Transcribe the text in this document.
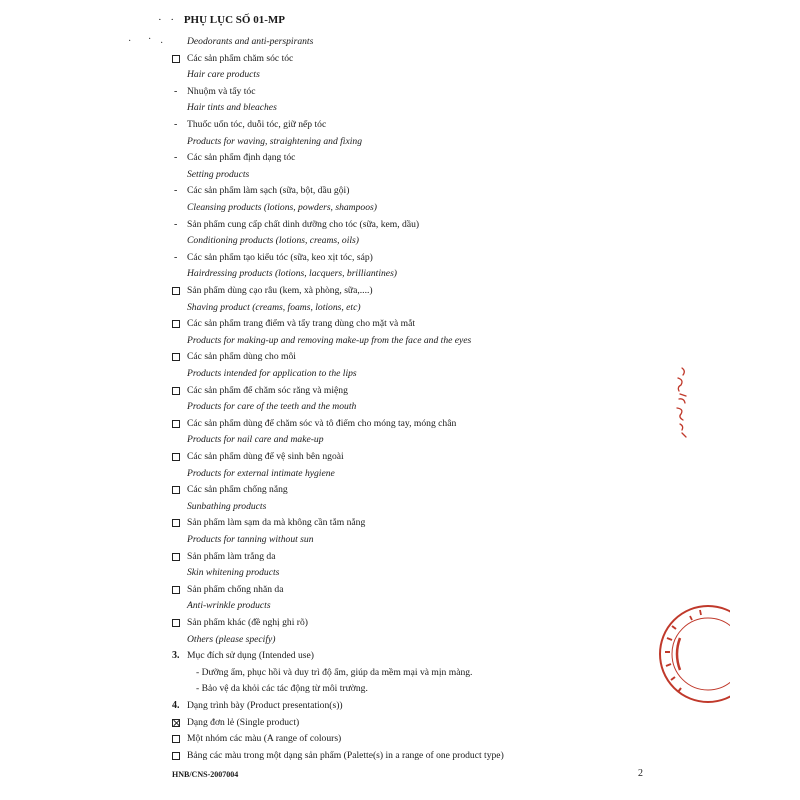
· · PHỤ LỤC SỐ 01-MP
· · · Deodorants and anti-perspirants
Các sản phẩm chăm sóc tóc
Hair care products
- Nhuộm và tẩy tóc
Hair tints and bleaches
- Thuốc uốn tóc, duỗi tóc, giữ nếp tóc
Products for waving, straightening and fixing
- Các sản phẩm định dạng tóc
Setting products
- Các sản phẩm làm sạch (sữa, bột, dầu gội)
Cleansing products (lotions, powders, shampoos)
- Sản phẩm cung cấp chất dinh dưỡng cho tóc (sữa, kem, dầu)
Conditioning products (lotions, creams, oils)
- Các sản phẩm tạo kiểu tóc (sữa, keo xịt tóc, sáp)
Hairdressing products (lotions, lacquers, brilliantines)
Sản phẩm dùng cạo râu (kem, xà phòng, sữa,....)
Shaving product (creams, foams, lotions, etc)
Các sản phẩm trang điểm và tẩy trang dùng cho mặt và mắt
Products for making-up and removing make-up from the face and the eyes
Các sản phẩm dùng cho môi
Products intended for application to the lips
Các sản phẩm để chăm sóc răng và miệng
Products for care of the teeth and the mouth
Các sản phẩm dùng để chăm sóc và tô điểm cho móng tay, móng chân
Products for nail care and make-up
Các sản phẩm dùng để vệ sinh bên ngoài
Products for external intimate hygiene
Các sản phẩm chống nắng
Sunbathing products
Sản phẩm làm sạm da mà không cần tắm nắng
Products for tanning without sun
Sản phẩm làm trắng da
Skin whitening products
Sản phẩm chống nhăn da
Anti-wrinkle products
Sản phẩm khác (đề nghị ghi rõ)
Others (please specify)
3. Mục đích sử dụng (Intended use)
- Dưỡng ẩm, phục hồi và duy trì độ ẩm, giúp da mềm mại và mịn màng.
- Bảo vệ da khỏi các tác động từ môi trường.
4. Dạng trình bày (Product presentation(s))
Dạng đơn lẻ (Single product)
Một nhóm các màu (A range of colours)
Bảng các màu trong một dạng sản phẩm (Palette(s) in a range of one product type)
HNB/CNS-2007004	2
